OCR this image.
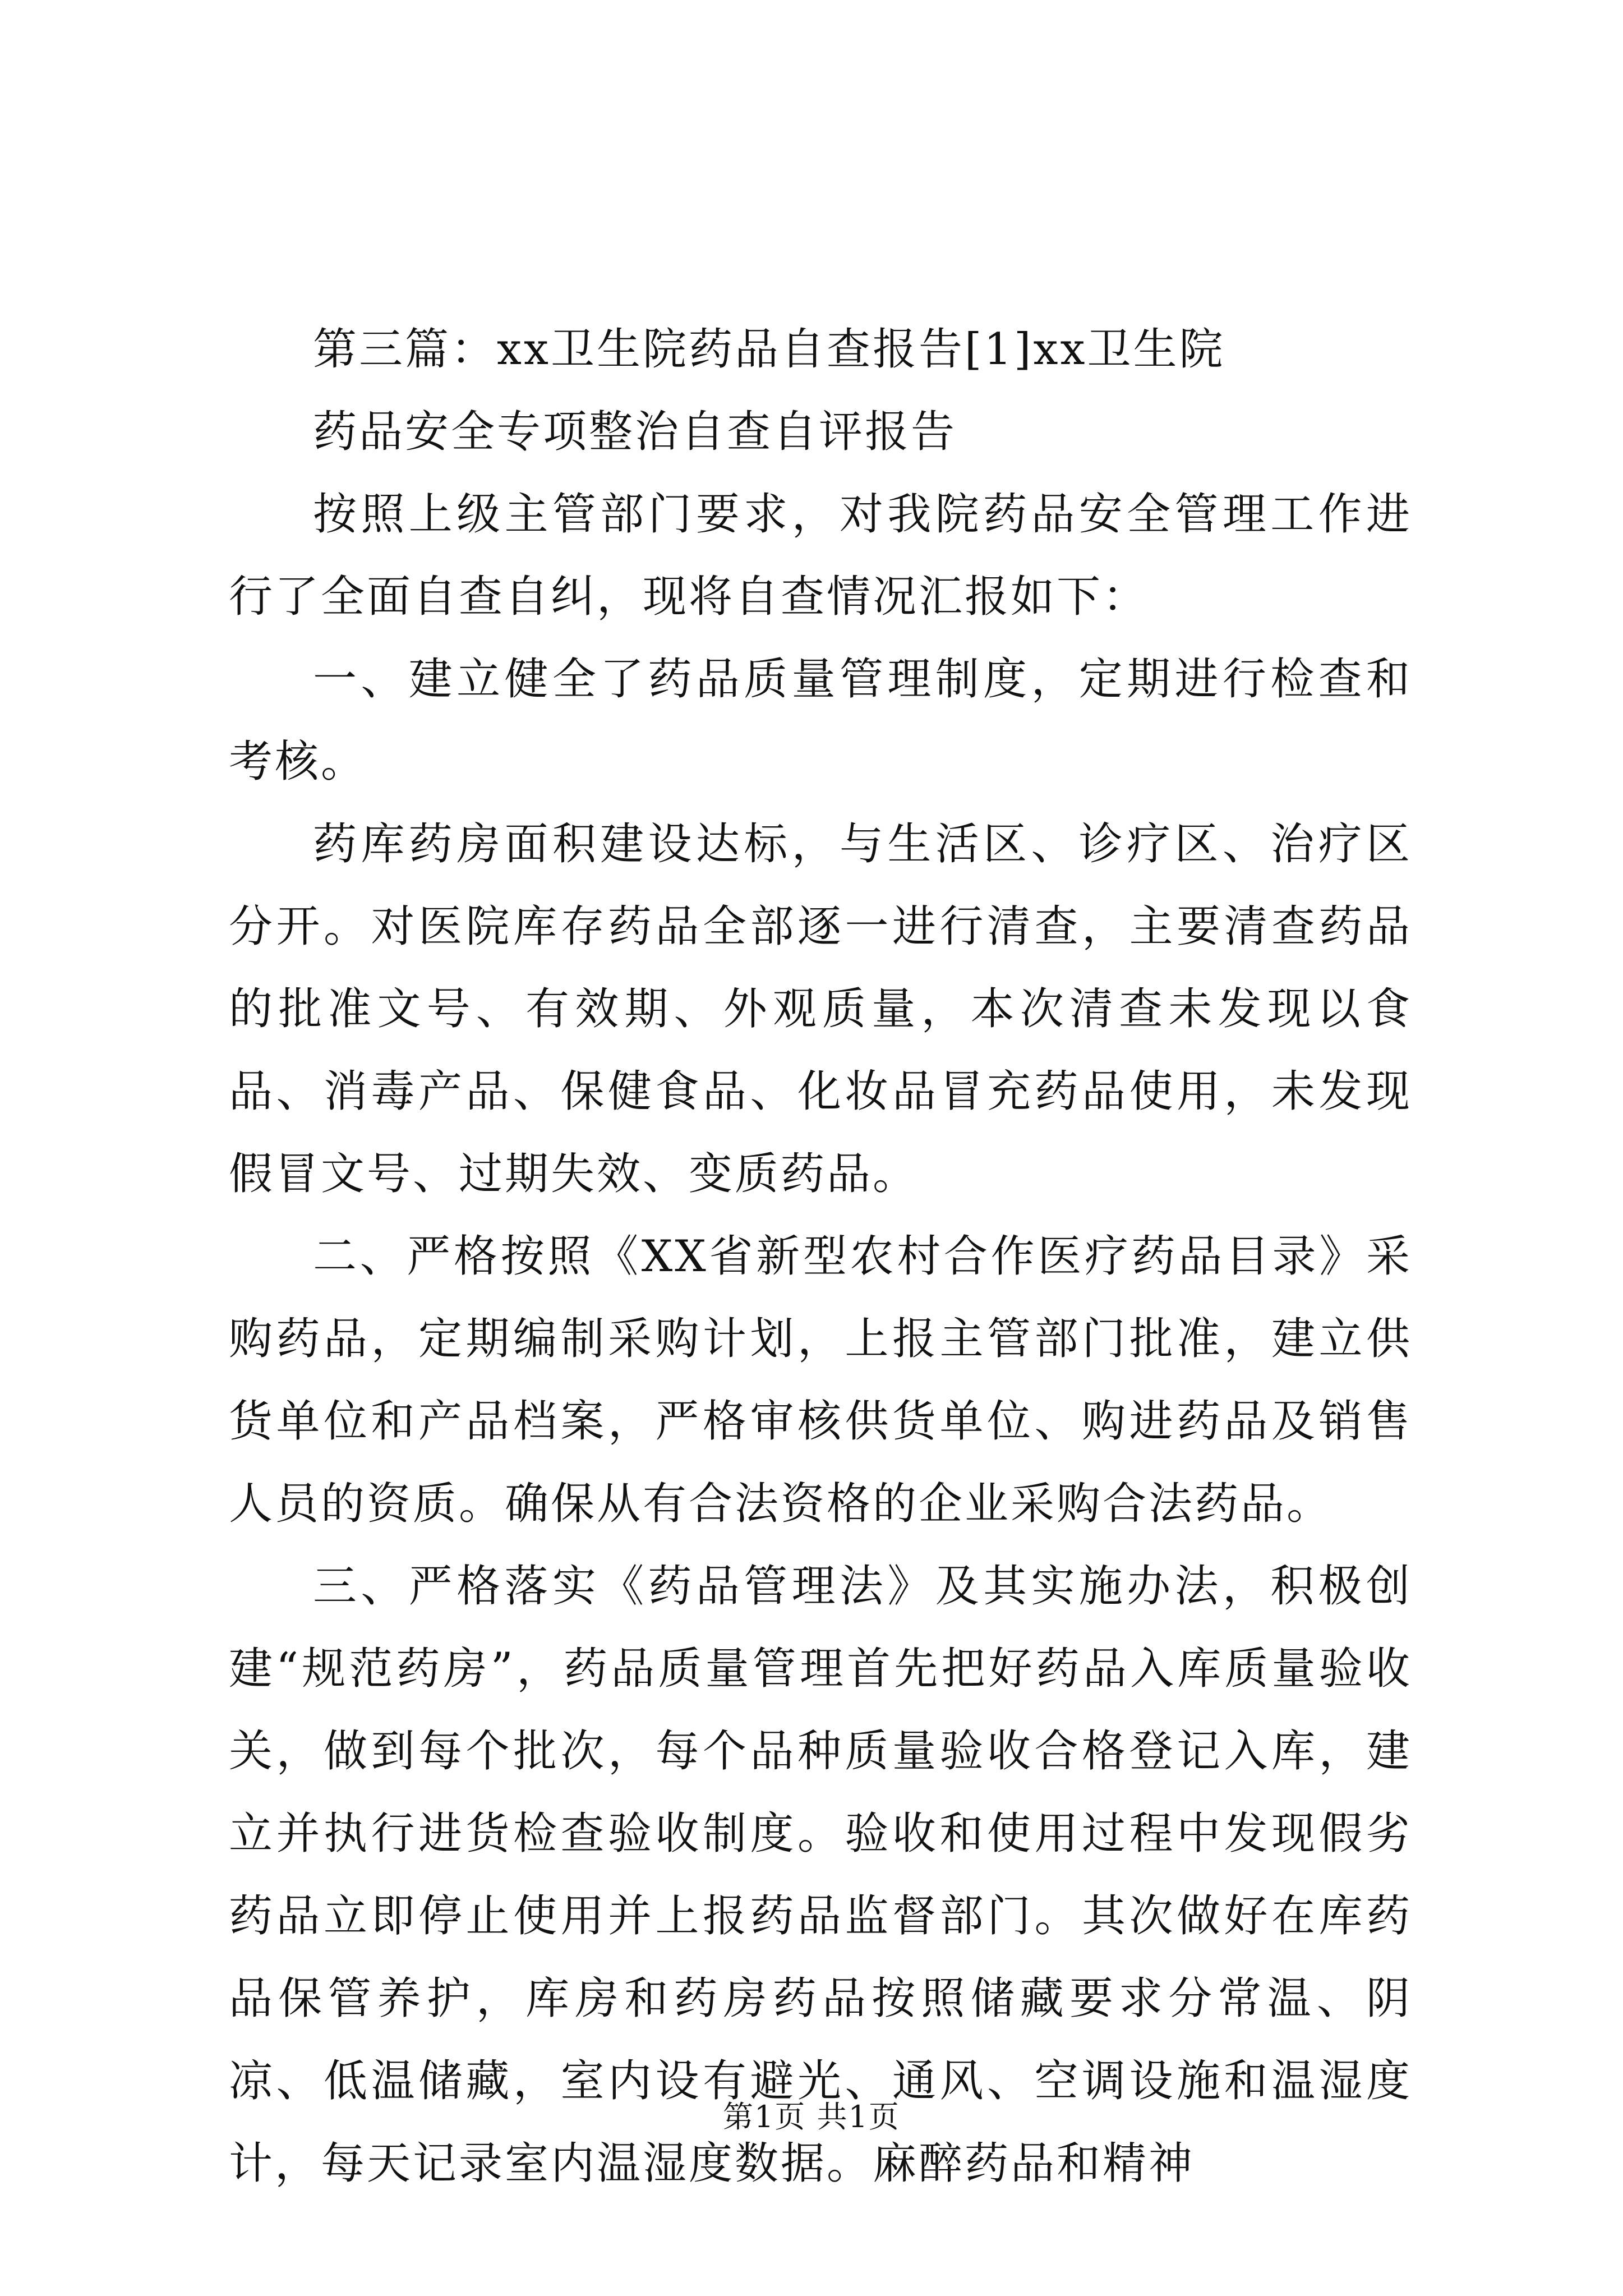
第三篇：xx卫生院药品自查报告[1]xx卫生院

药品安全专项整治自查自评报告

按照上级主管部门要求，对我院药品安全管理工作进行了全面自查自纠，现将自查情况汇报如下：

一、建立健全了药品质量管理制度，定期进行检查和考核。

药库药房面积建设达标，与生活区、诊疗区、治疗区分开。对医院库存药品全部逐一进行清查，主要清查药品的批准文号、有效期、外观质量，本次清查未发现以食品、消毒产品、保健食品、化妆品冒充药品使用，未发现假冒文号、过期失效、变质药品。

二、严格按照《XX省新型农村合作医疗药品目录》采购药品，定期编制采购计划，上报主管部门批准，建立供货单位和产品档案，严格审核供货单位、购进药品及销售人员的资质。确保从有合法资格的企业采购合法药品。

三、严格落实《药品管理法》及其实施办法，积极创建“规范药房”，药品质量管理首先把好药品入库质量验收关，做到每个批次，每个品种质量验收合格登记入库，建立并执行进货检查验收制度。验收和使用过程中发现假劣药品立即停止使用并上报药品监督部门。其次做好在库药品保管养护，库房和药房药品按照储藏要求分常温、阴凉、低温储藏，室内设有避光、通风、空调设施和温湿度计，每天记录室内温湿度数据。麻醉药品和精神

第1页 共1页
